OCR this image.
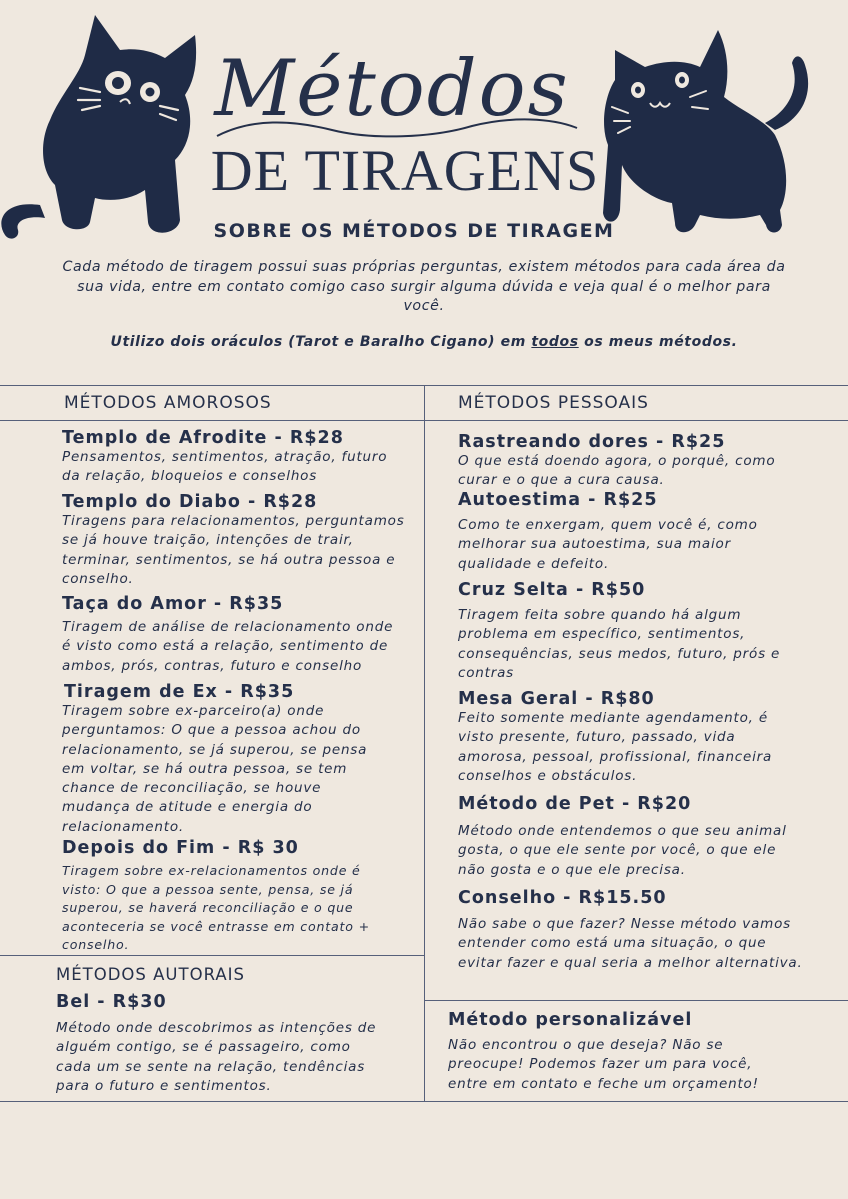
Métodos
DE TIRAGENS
SOBRE OS MÉTODOS DE TIRAGEM
Cada método de tiragem possui suas próprias perguntas, existem métodos para cada área da sua vida, entre em contato comigo caso surgir alguma dúvida e veja qual é o melhor para você.
Utilizo dois oráculos (Tarot e Baralho Cigano) em todos os meus métodos.
MÉTODOS AMOROSOS	MÉTODOS PESSOAIS
MÉTODOS AUTORAIS
Templo de Afrodite - R$28
Pensamentos, sentimentos, atração, futuro da relação, bloqueios e conselhos
Templo do Diabo - R$28
Tiragens para relacionamentos, perguntamos se já houve traição, intenções de trair, terminar, sentimentos, se há outra pessoa e conselho.
Taça do Amor - R$35
Tiragem de análise de relacionamento onde é visto como está a relação, sentimento de ambos, prós, contras, futuro e conselho
Tiragem de Ex - R$35
Tiragem sobre ex-parceiro(a) onde perguntamos: O que a pessoa achou do relacionamento, se já superou, se pensa em voltar, se há outra pessoa, se tem chance de reconciliação, se houve mudança de atitude e energia do relacionamento.
Depois do Fim - R$ 30
Tiragem sobre ex-relacionamentos onde é visto: O que a pessoa sente, pensa, se já superou, se haverá reconciliação e o que aconteceria se você entrasse em contato + conselho.
Bel - R$30
Método onde descobrimos as intenções de alguém contigo, se é passageiro, como cada um se sente na relação, tendências para o futuro e sentimentos.
Rastreando dores - R$25
O que está doendo agora, o porquê, como curar e o que a cura causa.
Autoestima - R$25
Como te enxergam, quem você é, como melhorar sua autoestima, sua maior qualidade e defeito.
Cruz Selta - R$50
Tiragem feita sobre quando há algum problema em específico, sentimentos, consequências, seus medos, futuro, prós e contras
Mesa Geral - R$80
Feito somente mediante agendamento, é visto presente, futuro, passado, vida amorosa, pessoal, profissional, financeira conselhos e obstáculos.
Método de Pet - R$20
Método onde entendemos o que seu animal gosta, o que ele sente por você, o que ele não gosta e o que ele precisa.
Conselho - R$15.50
Não sabe o que fazer? Nesse método vamos entender como está uma situação, o que evitar fazer e qual seria a melhor alternativa.
Método personalizável
Não encontrou o que deseja? Não se preocupe! Podemos fazer um para você, entre em contato e feche um orçamento!
